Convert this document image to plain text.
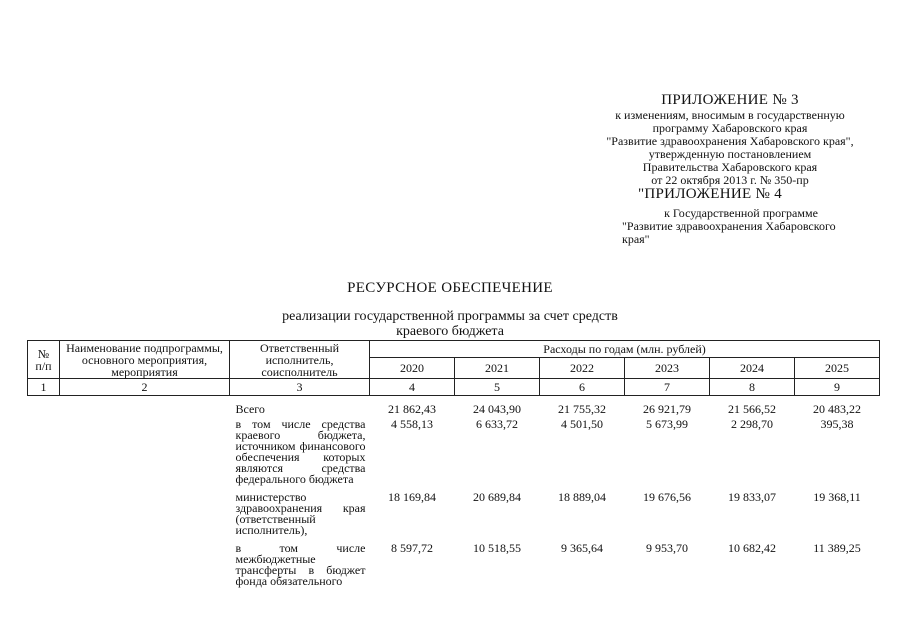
ПРИЛОЖЕНИЕ № 3
к изменениям, вносимым в государственную
программу Хабаровского края
"Развитие здравоохранения Хабаровского края",
утвержденную постановлением
Правительства Хабаровского края
от 22 октября 2013 г. № 350-пр
"ПРИЛОЖЕНИЕ № 4
к Государственной программе
"Развитие здравоохранения Хабаровского
края"
РЕСУРСНОЕ ОБЕСПЕЧЕНИЕ
реализации государственной программы за счет средств
краевого бюджета
№ п/п	Наименование подпрограммы, основного мероприятия, мероприятия	Ответственный исполнитель, соисполнитель	Расходы по годам (млн. рублей)					
			2020	2021	2022	2023	2024	2025
1	2	3	4	5	6	7	8	9

		Всего	21 862,43	24 043,90	21 755,32	26 921,79	21 566,52	20 483,22
		в том числе средства краевого бюджета, источником финансового обеспечения которых являются средства федерального бюджета	4 558,13	6 633,72	4 501,50	5 673,99	2 298,70	395,38
		министерство здравоохранения края (ответственный исполнитель),	18 169,84	20 689,84	18 889,04	19 676,56	19 833,07	19 368,11
		в том числе межбюджетные трансферты в бюджет фонда обязательного	8 597,72	10 518,55	9 365,64	9 953,70	10 682,42	11 389,25
